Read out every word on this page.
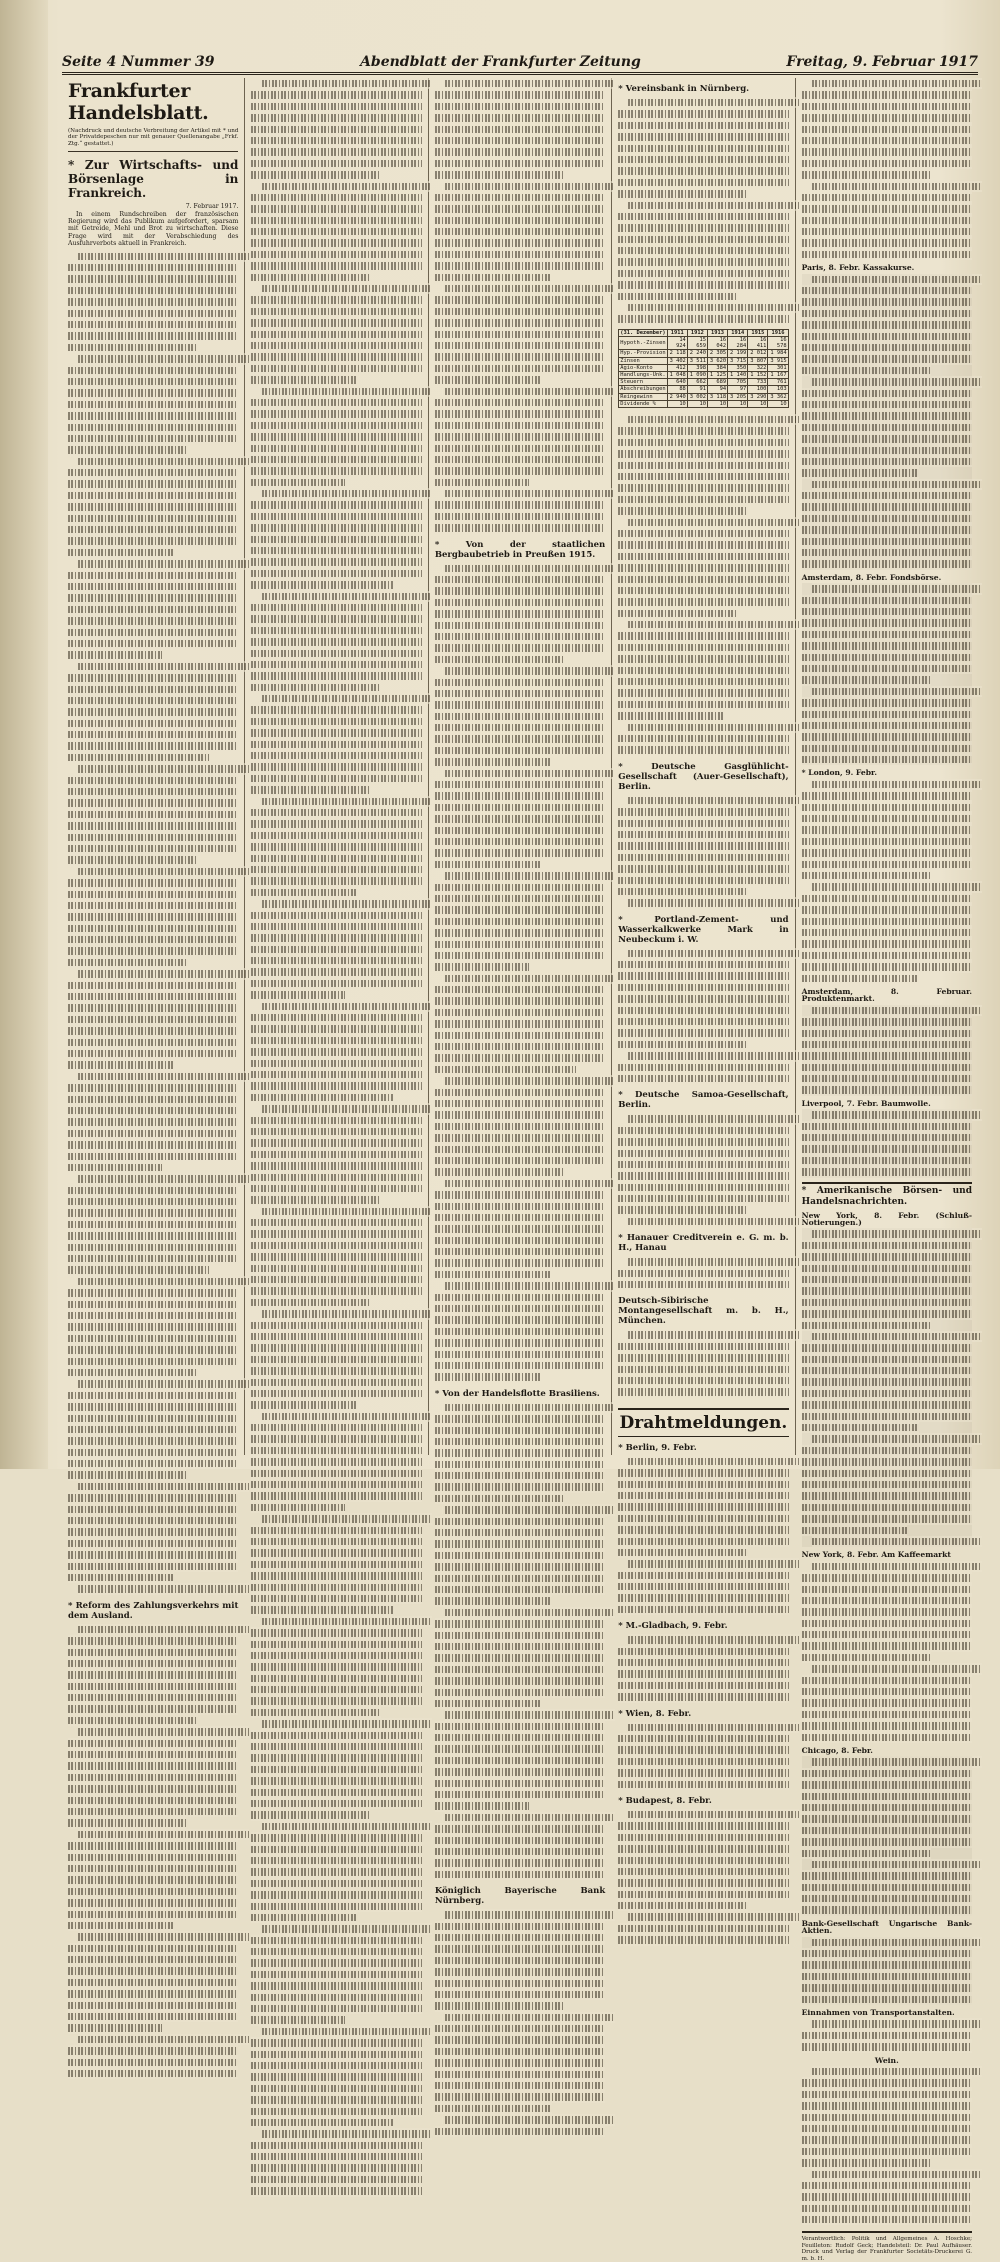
Seite 4 Nummer 39	Abendblatt der Frankfurter Zeitung	Freitag, 9. Februar 1917
Frankfurter Handelsblatt.
(Nachdruck und deutsche Verbreitung der Artikel mit * und der Privatdepeschen nur mit genauer Quellenangabe „Frkf. Ztg.“ gestattet.)
* Zur Wirtschafts- und Börsenlage in Frankreich.
7. Februar 1917.

In einem Rundschreiben der französischen Regierung wird das Publikum aufgefordert, sparsam mit Getreide, Mehl und Brot zu wirtschaften. Diese Frage wird mit der Verabschiedung des Ausfuhrverbots aktuell in Frankreich.

* Reform des Zahlungsverkehrs mit dem Ausland.
* Von der staatlichen Bergbaubetrieb in Preußen 1915.
* Von der Handelsflotte Brasiliens.
Königlich Bayerische Bank Nürnberg.
* Vereinsbank in Nürnberg.
(31. Dezember)	1911	1912	1913	1914	1915	1916
Hypoth.-Zinsen	14 924	15 659	16 042	16 284	16 411	16 578
Hyp.-Provision	2 118	2 240	2 305	2 199	2 012	1 984
Zinsen	3 402	3 511	3 620	3 715	3 807	3 915
Agio-Konto	412	398	384	350	322	301
Handlungs-Unk.	1 048	1 090	1 125	1 140	1 152	1 167
Steuern	640	662	689	705	733	761
Abschreibungen	88	91	94	97	100	103
Reingewinn	2 940	3 002	3 118	3 205	3 290	3 362
Dividende %	10	10	10	10	10	10
* Deutsche Gasglühlicht-Gesellschaft (Auer-Gesellschaft), Berlin.
* Portland-Zement- und Wasserkalkwerke Mark in Neubeckum i. W.
* Deutsche Samoa-Gesellschaft, Berlin.
* Hanauer Creditverein e. G. m. b. H., Hanau
Deutsch-Sibirische Montangesellschaft m. b. H., München.
Drahtmeldungen.
* Berlin, 9. Febr.
* M.-Gladbach, 9. Febr.
* Wien, 8. Febr.
* Budapest, 8. Febr.
Paris, 8. Febr. Kassakurse.
Amsterdam, 8. Febr. Fondsbörse.
* London, 9. Febr.
Amsterdam, 8. Februar. Produktenmarkt.
Liverpool, 7. Febr. Baumwolle.
* Amerikanische Börsen- und Handelsnachrichten.
New York, 8. Febr. (Schluß-Notierungen.)
New York, 8. Febr. Am Kaffeemarkt
Chicago, 8. Febr.
Bank-Gesellschaft Ungarische Bank-Aktien.
Einnahmen von Transportanstalten.
Wein.
Verantwortlich: Politik und Allgemeines A. Hoschke; Feuilleton: Rudolf Geck; Handelsteil: Dr. Paul Aufhäuser. Druck und Verlag der Frankfurter Societäts-Druckerei G. m. b. H.
